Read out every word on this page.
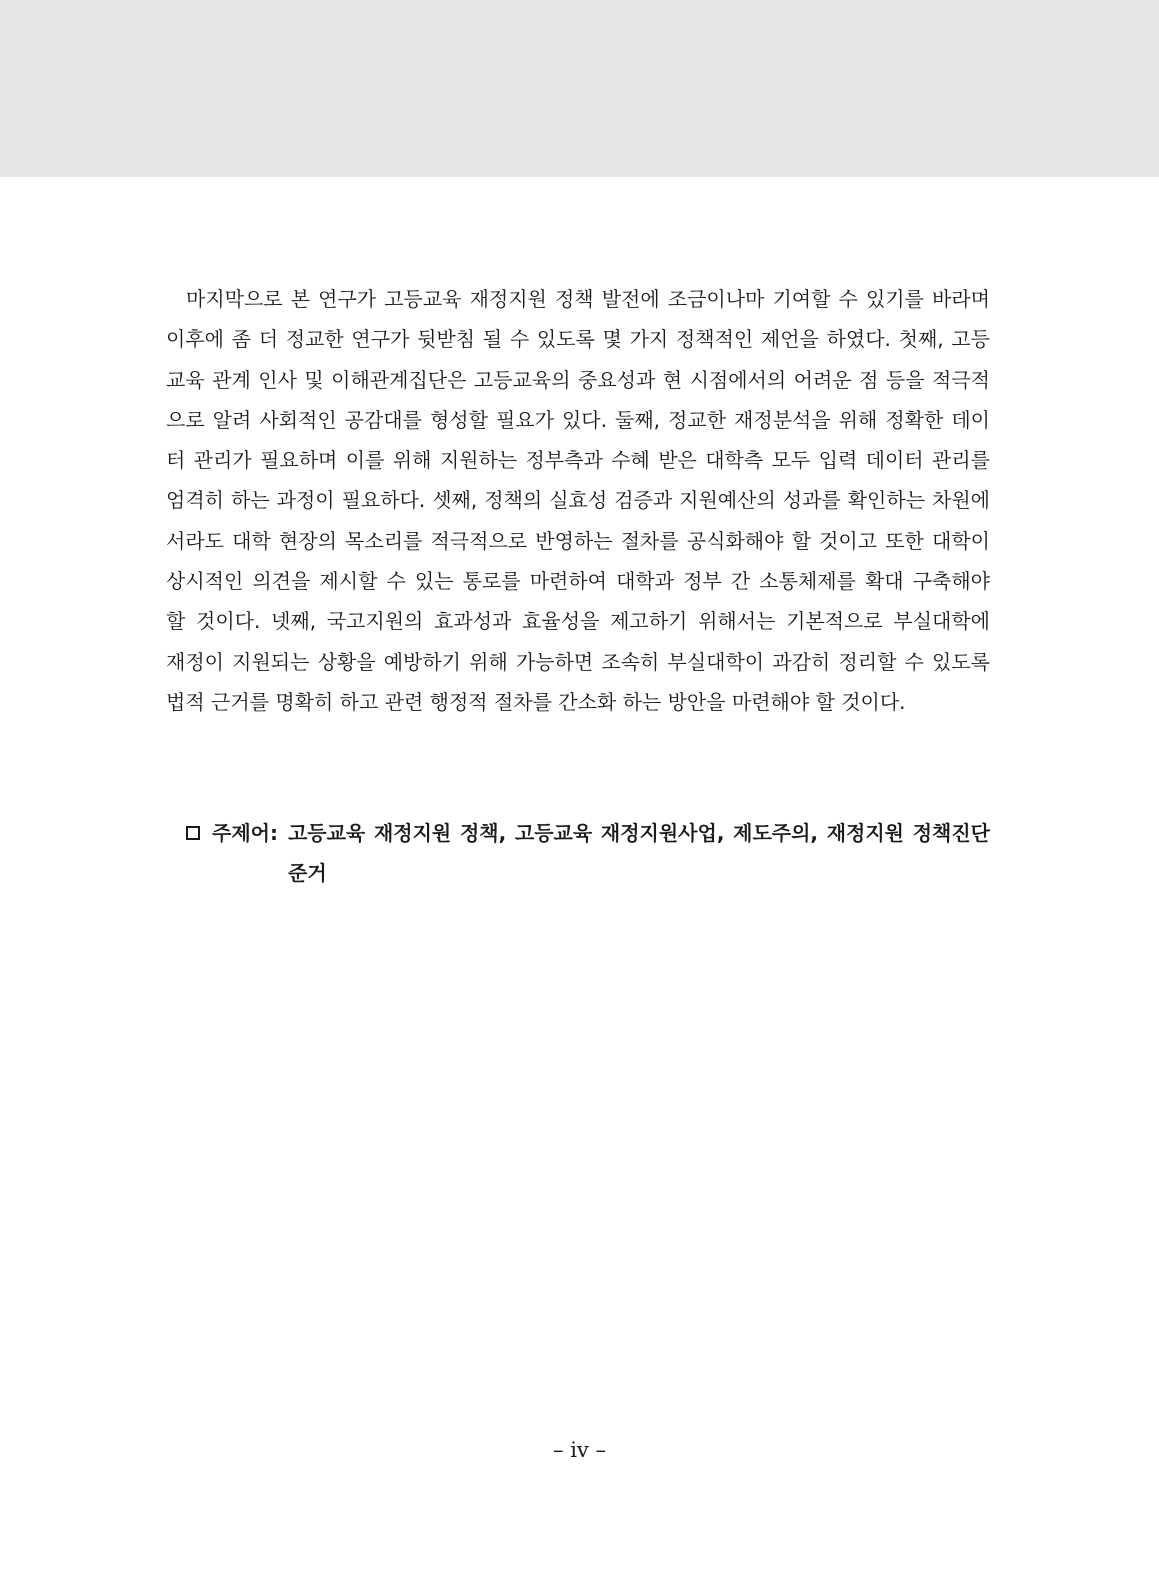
마지막으로 본 연구가 고등교육 재정지원 정책 발전에 조금이나마 기여할 수 있기를 바라며
이후에 좀 더 정교한 연구가 뒷받침 될 수 있도록 몇 가지 정책적인 제언을 하였다. 첫째, 고등
교육 관계 인사 및 이해관계집단은 고등교육의 중요성과 현 시점에서의 어려운 점 등을 적극적
으로 알려 사회적인 공감대를 형성할 필요가 있다. 둘째, 정교한 재정분석을 위해 정확한 데이
터 관리가 필요하며 이를 위해 지원하는 정부측과 수혜 받은 대학측 모두 입력 데이터 관리를
엄격히 하는 과정이 필요하다. 셋째, 정책의 실효성 검증과 지원예산의 성과를 확인하는 차원에
서라도 대학 현장의 목소리를 적극적으로 반영하는 절차를 공식화해야 할 것이고 또한 대학이
상시적인 의견을 제시할 수 있는 통로를 마련하여 대학과 정부 간 소통체제를 확대 구축해야
할 것이다. 넷째, 국고지원의 효과성과 효율성을 제고하기 위해서는 기본적으로 부실대학에
재정이 지원되는 상황을 예방하기 위해 가능하면 조속히 부실대학이 과감히 정리할 수 있도록
법적 근거를 명확히 하고 관련 행정적 절차를 간소화 하는 방안을 마련해야 할 것이다.
주제어: 고등교육 재정지원 정책, 고등교육 재정지원사업, 제도주의, 재정지원 정책진단
준거
– iv –
